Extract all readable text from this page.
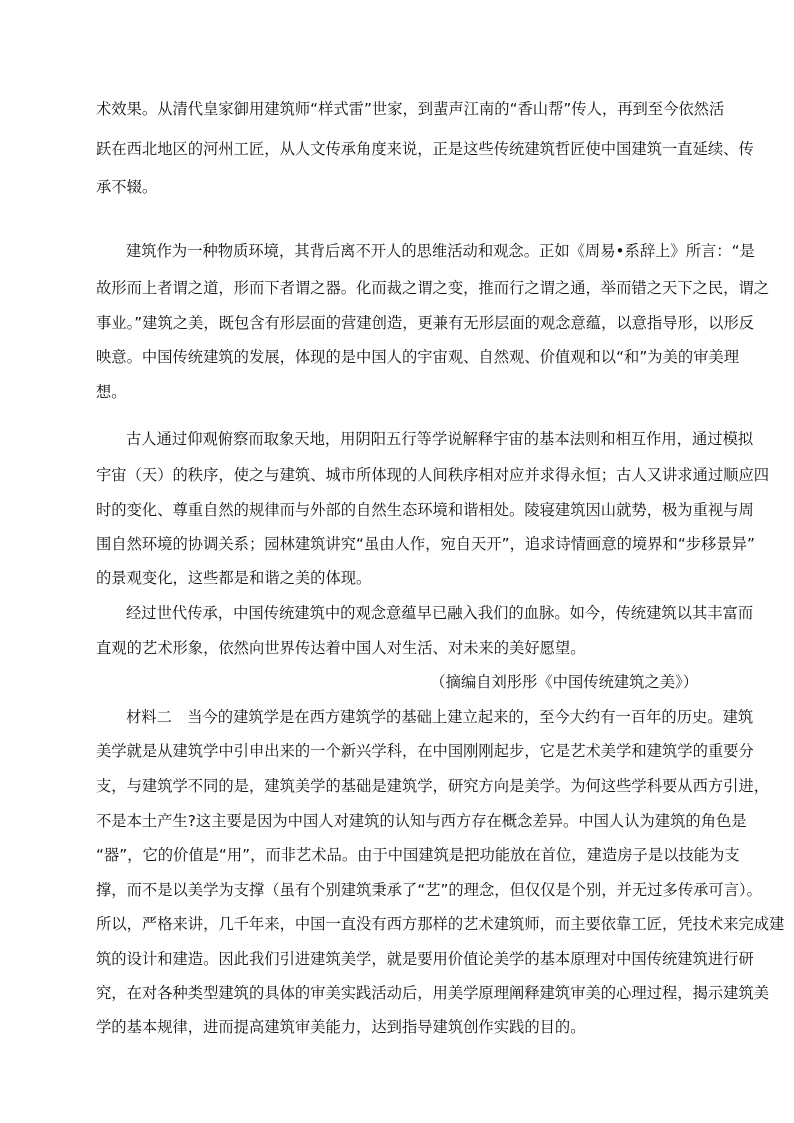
术效果。从清代皇家御用建筑师“样式雷”世家，到蜚声江南的“香山帮”传人，再到至今依然活
跃在西北地区的河州工匠，从人文传承角度来说，正是这些传统建筑哲匠使中国建筑一直延续、传
承不辍。
建筑作为一种物质环境，其背后离不开人的思维活动和观念。正如《周易•系辞上》所言：“是
故形而上者谓之道，形而下者谓之器。化而裁之谓之变，推而行之谓之通，举而错之天下之民，谓之
事业。”建筑之美，既包含有形层面的营建创造，更兼有无形层面的观念意蕴，以意指导形，以形反
映意。中国传统建筑的发展，体现的是中国人的宇宙观、自然观、价值观和以“和”为美的审美理
想。
古人通过仰观俯察而取象天地，用阴阳五行等学说解释宇宙的基本法则和相互作用，通过模拟
宇宙（天）的秩序，使之与建筑、城市所体现的人间秩序相对应并求得永恒；古人又讲求通过顺应四
时的变化、尊重自然的规律而与外部的自然生态环境和谐相处。陵寝建筑因山就势，极为重视与周
围自然环境的协调关系；园林建筑讲究“虽由人作，宛自天开”，追求诗情画意的境界和“步移景异”
的景观变化，这些都是和谐之美的体现。
经过世代传承，中国传统建筑中的观念意蕴早已融入我们的血脉。如今，传统建筑以其丰富而
直观的艺术形象，依然向世界传达着中国人对生活、对未来的美好愿望。
（摘编自刘彤彤《中国传统建筑之美》）
材料二　当今的建筑学是在西方建筑学的基础上建立起来的，至今大约有一百年的历史。建筑
美学就是从建筑学中引申出来的一个新兴学科，在中国刚刚起步，它是艺术美学和建筑学的重要分
支，与建筑学不同的是，建筑美学的基础是建筑学，研究方向是美学。为何这些学科要从西方引进，
不是本土产生?这主要是因为中国人对建筑的认知与西方存在概念差异。中国人认为建筑的角色是
“器”，它的价值是“用”，而非艺术品。由于中国建筑是把功能放在首位，建造房子是以技能为支
撑，而不是以美学为支撑（虽有个别建筑秉承了“艺”的理念，但仅仅是个别，并无过多传承可言）。
所以，严格来讲，几千年来，中国一直没有西方那样的艺术建筑师，而主要依靠工匠，凭技术来完成建
筑的设计和建造。因此我们引进建筑美学，就是要用价值论美学的基本原理对中国传统建筑进行研
究，在对各种类型建筑的具体的审美实践活动后，用美学原理阐释建筑审美的心理过程，揭示建筑美
学的基本规律，进而提高建筑审美能力，达到指导建筑创作实践的目的。
